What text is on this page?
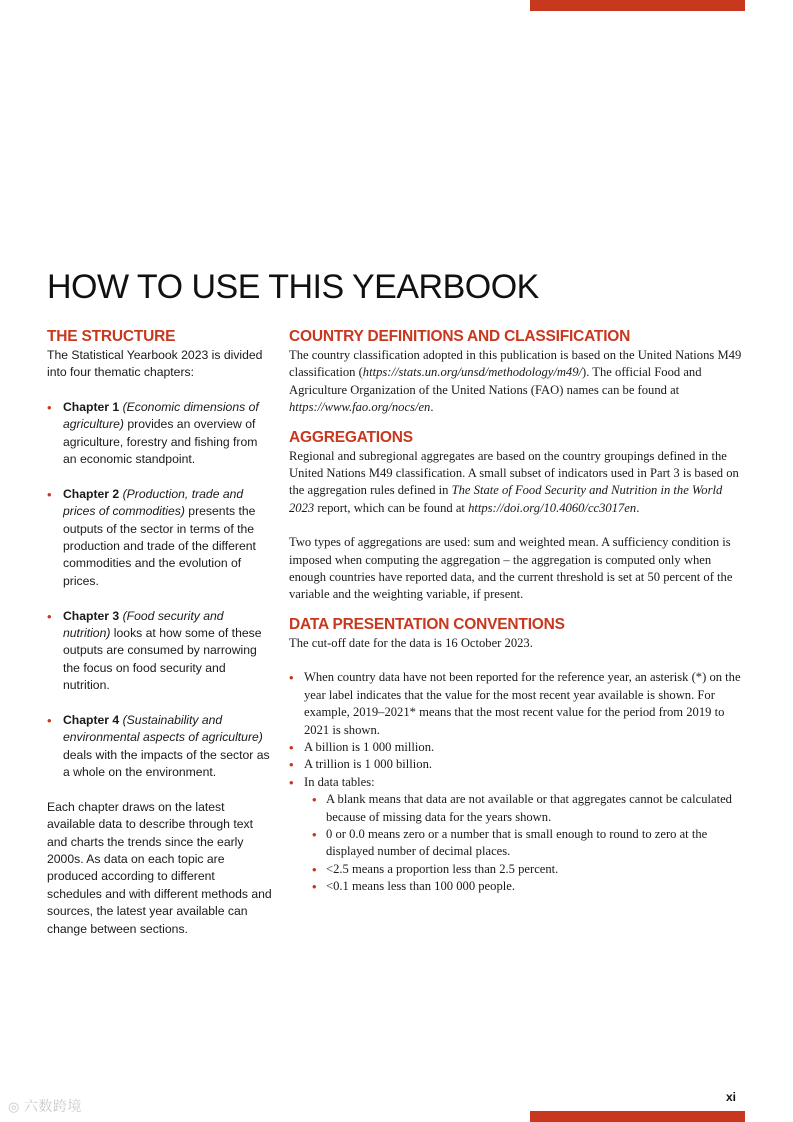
HOW TO USE THIS YEARBOOK
THE STRUCTURE

The Statistical Yearbook 2023 is divided into four thematic chapters:

• Chapter 1 (Economic dimensions of agriculture) provides an overview of agriculture, forestry and fishing from an economic standpoint.
• Chapter 2 (Production, trade and prices of commodities) presents the outputs of the sector in terms of the production and trade of the different commodities and the evolution of prices.
• Chapter 3 (Food security and nutrition) looks at how some of these outputs are consumed by narrowing the focus on food security and nutrition.
• Chapter 4 (Sustainability and environmental aspects of agriculture) deals with the impacts of the sector as a whole on the environment.

Each chapter draws on the latest available data to describe through text and charts the trends since the early 2000s. As data on each topic are produced according to different schedules and with different methods and sources, the latest year available can change between sections.

COUNTRY DEFINITIONS AND CLASSIFICATION

The country classification adopted in this publication is based on the United Nations M49 classification (https://stats.un.org/unsd/methodology/m49/). The official Food and Agriculture Organization of the United Nations (FAO) names can be found at https://www.fao.org/nocs/en.

AGGREGATIONS

Regional and subregional aggregates are based on the country groupings defined in the United Nations M49 classification. A small subset of indicators used in Part 3 is based on the aggregation rules defined in The State of Food Security and Nutrition in the World 2023 report, which can be found at https://doi.org/10.4060/cc3017en.

Two types of aggregations are used: sum and weighted mean. A sufficiency condition is imposed when computing the aggregation – the aggregation is computed only when enough countries have reported data, and the current threshold is set at 50 percent of the variable and the weighting variable, if present.

DATA PRESENTATION CONVENTIONS

The cut-off date for the data is 16 October 2023.

• When country data have not been reported for the reference year, an asterisk (*) on the year label indicates that the value for the most recent year available is shown. For example, 2019–2021* means that the most recent value for the period from 2019 to 2021 is shown.
• A billion is 1 000 million.
• A trillion is 1 000 billion.
• In data tables:
• A blank means that data are not available or that aggregates cannot be calculated because of missing data for the years shown.
• 0 or 0.0 means zero or a number that is small enough to round to zero at the displayed number of decimal places.
• <2.5 means a proportion less than 2.5 percent.
• <0.1 means less than 100 000 people.
xi
◎ 六数跨境
